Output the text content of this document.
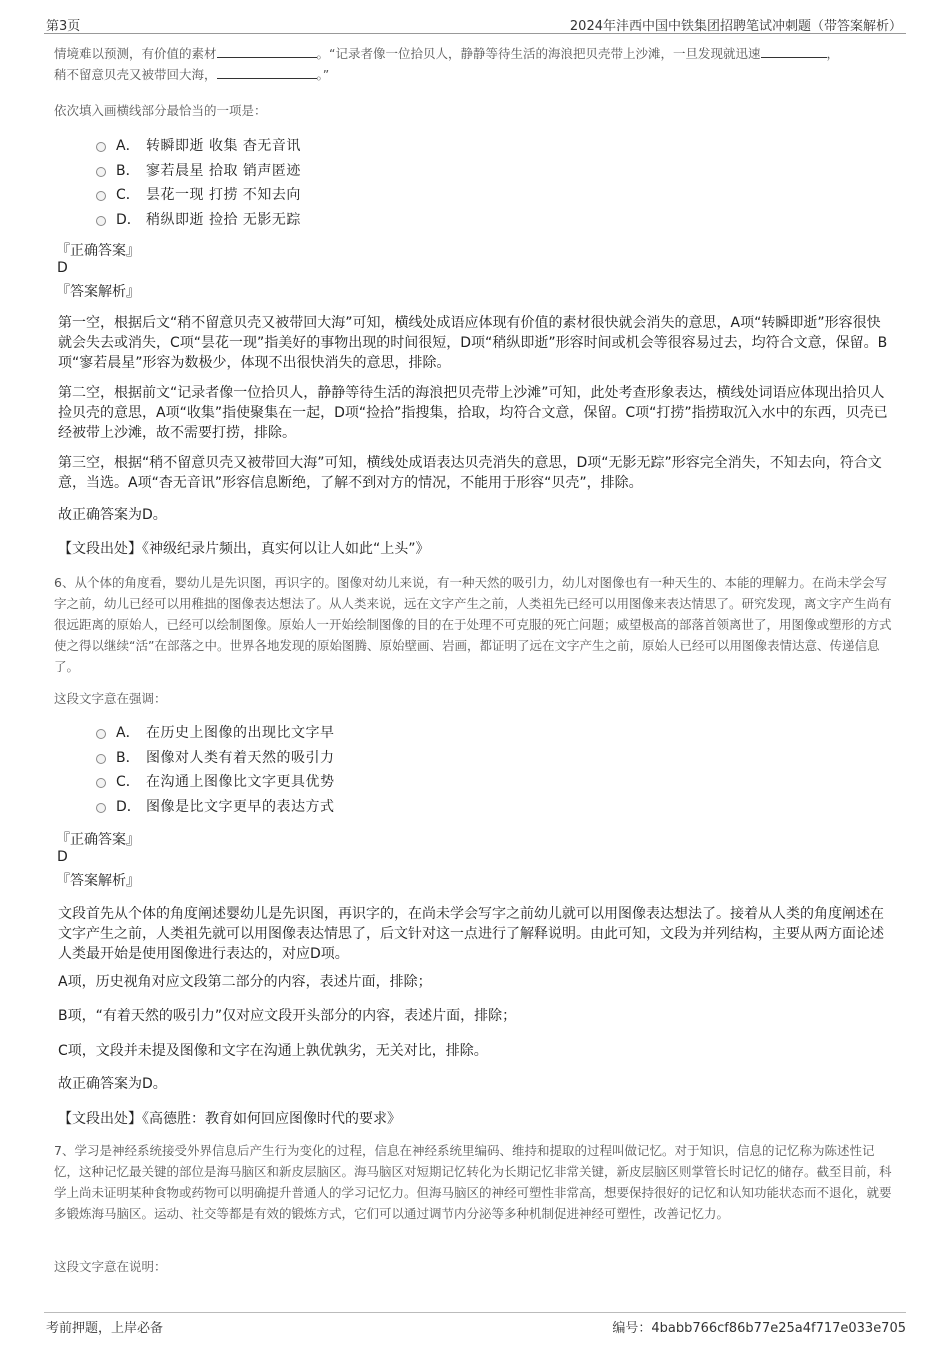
第3页	2024年沣西中国中铁集团招聘笔试冲刺题（带答案解析）
情境难以预测，有价值的素材	。“记录者像一位拾贝人，静静等待生活的海浪把贝壳带上沙滩，一旦发现就迅速	，
稍不留意贝壳又被带回大海，	。”
依次填入画横线部分最恰当的一项是：
A． 转瞬即逝 收集 杳无音讯
B． 寥若晨星 拾取 销声匿迹
C． 昙花一现 打捞 不知去向
D． 稍纵即逝 捡拾 无影无踪
『正确答案』
D
『答案解析』
第一空，根据后文“稍不留意贝壳又被带回大海”可知，横线处成语应体现有价值的素材很快就会消失的意思，A项“转瞬即逝”形容很快就会失去或消失，C项“昙花一现”指美好的事物出现的时间很短，D项“稍纵即逝”形容时间或机会等很容易过去，均符合文意，保留。B项“寥若晨星”形容为数极少，体现不出很快消失的意思，排除。
第二空，根据前文“记录者像一位拾贝人，静静等待生活的海浪把贝壳带上沙滩”可知，此处考查形象表达，横线处词语应体现出拾贝人捡贝壳的意思，A项“收集”指使聚集在一起，D项“捡拾”指搜集，拾取，均符合文意，保留。C项“打捞”指捞取沉入水中的东西，贝壳已经被带上沙滩，故不需要打捞，排除。
第三空，根据“稍不留意贝壳又被带回大海”可知，横线处成语表达贝壳消失的意思，D项“无影无踪”形容完全消失，不知去向，符合文意，当选。A项“杳无音讯”形容信息断绝，了解不到对方的情况，不能用于形容“贝壳”，排除。
故正确答案为D。
【文段出处】《神级纪录片频出，真实何以让人如此“上头”》
6、从个体的角度看，婴幼儿是先识图，再识字的。图像对幼儿来说，有一种天然的吸引力，幼儿对图像也有一种天生的、本能的理解力。在尚未学会写字之前，幼儿已经可以用稚拙的图像表达想法了。从人类来说，远在文字产生之前，人类祖先已经可以用图像来表达情思了。研究发现，离文字产生尚有很远距离的原始人，已经可以绘制图像。原始人一开始绘制图像的目的在于处理不可克服的死亡问题；威望极高的部落首领离世了，用图像或塑形的方式使之得以继续“活”在部落之中。世界各地发现的原始图腾、原始壁画、岩画，都证明了远在文字产生之前，原始人已经可以用图像表情达意、传递信息了。
这段文字意在强调：
A． 在历史上图像的出现比文字早
B． 图像对人类有着天然的吸引力
C． 在沟通上图像比文字更具优势
D． 图像是比文字更早的表达方式
『正确答案』
D
『答案解析』
文段首先从个体的角度阐述婴幼儿是先识图，再识字的，在尚未学会写字之前幼儿就可以用图像表达想法了。接着从人类的角度阐述在文字产生之前，人类祖先就可以用图像表达情思了，后文针对这一点进行了解释说明。由此可知，文段为并列结构，主要从两方面论述人类最开始是使用图像进行表达的，对应D项。
A项，历史视角对应文段第二部分的内容，表述片面，排除；
B项，“有着天然的吸引力”仅对应文段开头部分的内容，表述片面，排除；
C项，文段并未提及图像和文字在沟通上孰优孰劣，无关对比，排除。
故正确答案为D。
【文段出处】《高德胜：教育如何回应图像时代的要求》
7、学习是神经系统接受外界信息后产生行为变化的过程，信息在神经系统里编码、维持和提取的过程叫做记忆。对于知识，信息的记忆称为陈述性记忆，这种记忆最关键的部位是海马脑区和新皮层脑区。海马脑区对短期记忆转化为长期记忆非常关键，新皮层脑区则掌管长时记忆的储存。截至目前，科学上尚未证明某种食物或药物可以明确提升普通人的学习记忆力。但海马脑区的神经可塑性非常高，想要保持很好的记忆和认知功能状态而不退化，就要多锻炼海马脑区。运动、社交等都是有效的锻炼方式，它们可以通过调节内分泌等多种机制促进神经可塑性，改善记忆力。
这段文字意在说明：
考前押题，上岸必备	编号：4babb766cf86b77e25a4f717e033e705
